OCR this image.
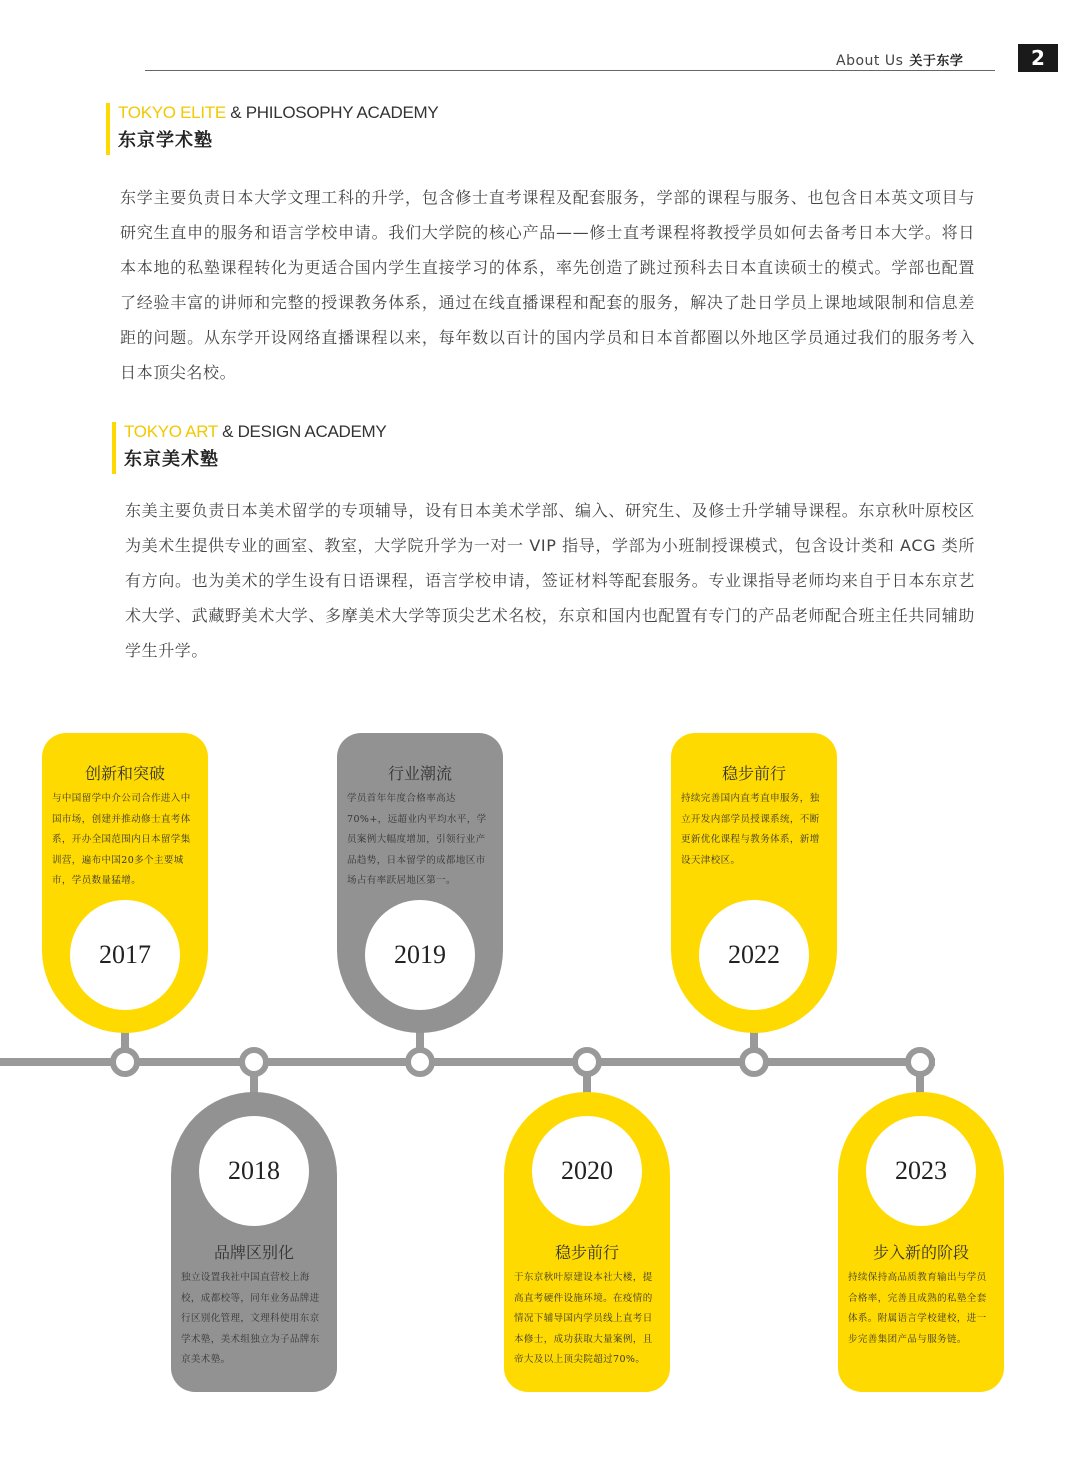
About Us 关于东学	2
TOKYO ELITE & PHILOSOPHY ACADEMY
东京学术塾
东学主要负责日本大学文理工科的升学，包含修士直考课程及配套服务，学部的课程与服务、也包含日本英文项目与研究生直申的服务和语言学校申请。我们大学院的核心产品——修士直考课程将教授学员如何去备考日本大学。将日本本地的私塾课程转化为更适合国内学生直接学习的体系，率先创造了跳过预科去日本直读硕士的模式。学部也配置了经验丰富的讲师和完整的授课教务体系，通过在线直播课程和配套的服务，解决了赴日学员上课地域限制和信息差距的问题。从东学开设网络直播课程以来，每年数以百计的国内学员和日本首都圈以外地区学员通过我们的服务考入日本顶尖名校。
TOKYO ART & DESIGN ACADEMY
东京美术塾
东美主要负责日本美术留学的专项辅导，设有日本美术学部、编入、研究生、及修士升学辅导课程。东京秋叶原校区为美术生提供专业的画室、教室，大学院升学为一对一 VIP 指导，学部为小班制授课模式，包含设计类和 ACG 类所有方向。也为美术的学生设有日语课程，语言学校申请，签证材料等配套服务。专业课指导老师均来自于日本东京艺术大学、武藏野美术大学、多摩美术大学等顶尖艺术名校，东京和国内也配置有专门的产品老师配合班主任共同辅助学生升学。
创新和突破
与中国留学中介公司合作进入中国市场，创建并推动修士直考体系，开办全国范围内日本留学集训营，遍布中国20多个主要城市，学员数量猛增。
2017
2018
品牌区别化
独立设置我社中国直营校上海校，成都校等，同年业务品牌进行区别化管理，文理科使用东京学术塾，美术组独立为子品牌东京美术塾。
行业潮流
学员首年年度合格率高达70%+，远超业内平均水平，学员案例大幅度增加，引领行业产品趋势，日本留学的成都地区市场占有率跃居地区第一。
2019
2020
稳步前行
于东京秋叶原建设本社大楼，提高直考硬件设施环境。在疫情的情况下辅导国内学员线上直考日本修士，成功获取大量案例，且帝大及以上顶尖院超过70%。
稳步前行
持续完善国内直考直申服务，独立开发内部学员授课系统，不断更新优化课程与教务体系，新增设天津校区。
2022
2023
步入新的阶段
持续保持高品质教育输出与学员合格率，完善且成熟的私塾全套体系。附属语言学校建校，进一步完善集团产品与服务链。
